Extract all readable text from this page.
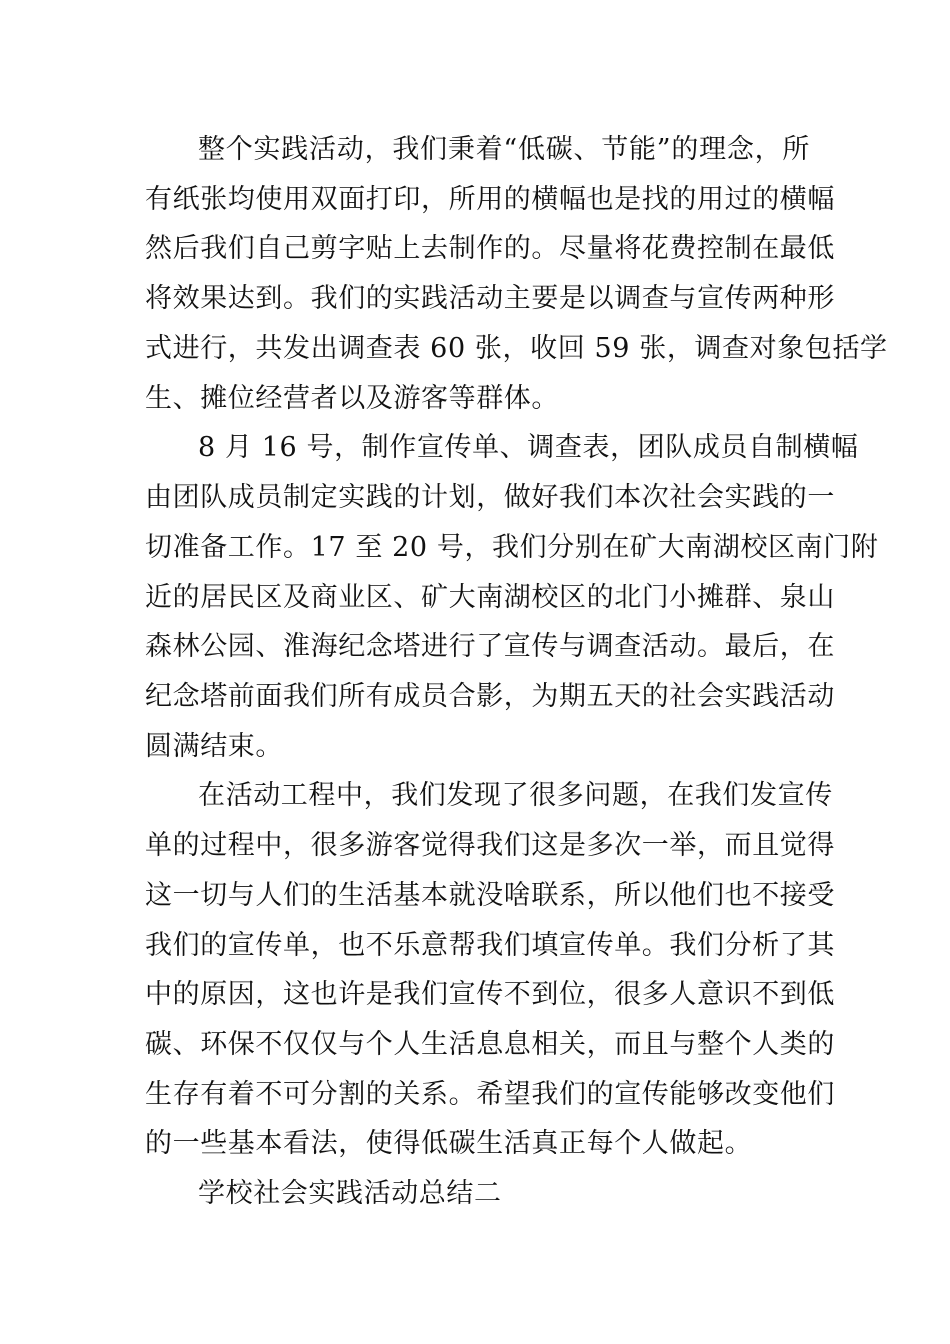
整个实践活动，我们秉着“低碳、节能”的理念，所
有纸张均使用双面打印，所用的横幅也是找的用过的横幅
然后我们自己剪字贴上去制作的。尽量将花费控制在最低
将效果达到。我们的实践活动主要是以调查与宣传两种形
式进行，共发出调查表 60 张，收回 59 张，调查对象包括学
生、摊位经营者以及游客等群体。
8 月 16 号，制作宣传单、调查表，团队成员自制横幅
由团队成员制定实践的计划，做好我们本次社会实践的一
切准备工作。17 至 20 号，我们分别在矿大南湖校区南门附
近的居民区及商业区、矿大南湖校区的北门小摊群、泉山
森林公园、淮海纪念塔进行了宣传与调查活动。最后，在
纪念塔前面我们所有成员合影，为期五天的社会实践活动
圆满结束。
在活动工程中，我们发现了很多问题，在我们发宣传
单的过程中，很多游客觉得我们这是多次一举，而且觉得
这一切与人们的生活基本就没啥联系，所以他们也不接受
我们的宣传单，也不乐意帮我们填宣传单。我们分析了其
中的原因，这也许是我们宣传不到位，很多人意识不到低
碳、环保不仅仅与个人生活息息相关，而且与整个人类的
生存有着不可分割的关系。希望我们的宣传能够改变他们
的一些基本看法，使得低碳生活真正每个人做起。
学校社会实践活动总结二
